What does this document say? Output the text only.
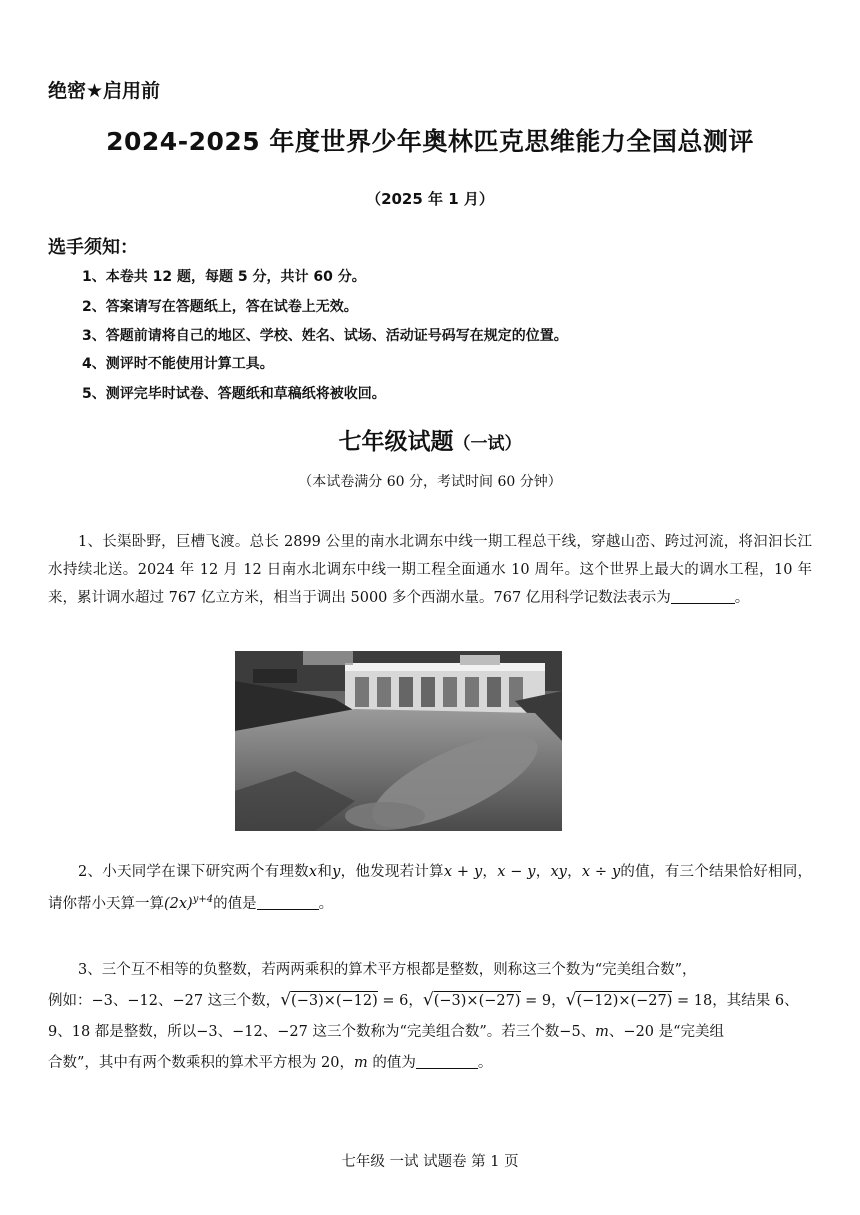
绝密★启用前
2024-2025 年度世界少年奥林匹克思维能力全国总测评
（2025 年 1 月）
选手须知：
1、本卷共 12 题，每题 5 分，共计 60 分。
2、答案请写在答题纸上，答在试卷上无效。
3、答题前请将自己的地区、学校、姓名、试场、活动证号码写在规定的位置。
4、测评时不能使用计算工具。
5、测评完毕时试卷、答题纸和草稿纸将被收回。
七年级试题（一试）
（本试卷满分 60 分，考试时间 60 分钟）
1、长渠卧野，巨槽飞渡。总长 2899 公里的南水北调东中线一期工程总干线，穿越山峦、跨过河流，将汩汩长江水持续北送。2024 年 12 月 12 日南水北调东中线一期工程全面通水 10 周年。这个世界上最大的调水工程，10 年来，累计调水超过 767 亿立方米，相当于调出 5000 多个西湖水量。767 亿用科学记数法表示为	。
2、小天同学在课下研究两个有理数x和y，他发现若计算x + y，x − y，xy，x ÷ y的值，有三个结果恰好相同，请你帮小天算一算$(2x)^{y+4}$的值是	。
3、三个互不相等的负整数，若两两乘积的算术平方根都是整数，则称这三个数为“完美组合数”，
例如：−3、−12、−27 这三个数，√(−3)×(−12) = 6，√(−3)×(−27) = 9，√(−12)×(−27) = 18，其结果 6、
9、18 都是整数，所以−3、−12、−27 这三个数称为“完美组合数”。若三个数−5、m、−20 是“完美组
合数”，其中有两个数乘积的算术平方根为 20，m 的值为	。
七年级 一试 试题卷 第 1 页
